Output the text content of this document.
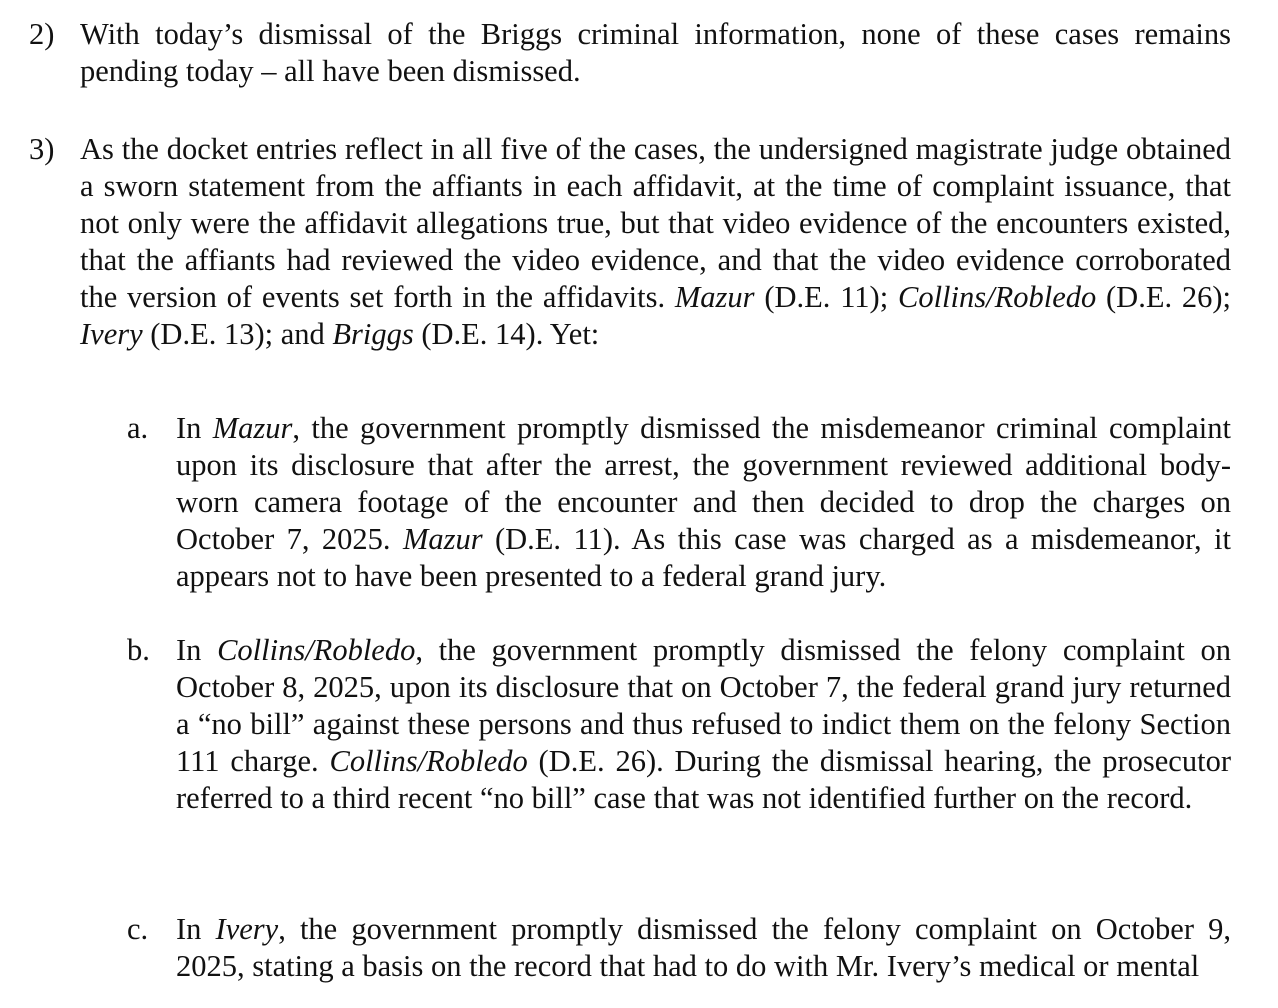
2) With today’s dismissal of the Briggs criminal information, none of these cases remains pending today – all have been dismissed.
3) As the docket entries reflect in all five of the cases, the undersigned magistrate judge obtained a sworn statement from the affiants in each affidavit, at the time of complaint issuance, that not only were the affidavit allegations true, but that video evidence of the encounters existed, that the affiants had reviewed the video evidence, and that the video evidence corroborated the version of events set forth in the affidavits. Mazur (D.E. 11); Collins/Robledo (D.E. 26); Ivery (D.E. 13); and Briggs (D.E. 14). Yet:
a. In Mazur, the government promptly dismissed the misdemeanor criminal complaint upon its disclosure that after the arrest, the government reviewed additional body-worn camera footage of the encounter and then decided to drop the charges on October 7, 2025. Mazur (D.E. 11). As this case was charged as a misdemeanor, it appears not to have been presented to a federal grand jury.
b. In Collins/Robledo, the government promptly dismissed the felony complaint on October 8, 2025, upon its disclosure that on October 7, the federal grand jury returned a “no bill” against these persons and thus refused to indict them on the felony Section 111 charge. Collins/Robledo (D.E. 26). During the dismissal hearing, the prosecutor referred to a third recent “no bill” case that was not identified further on the record.
c. In Ivery, the government promptly dismissed the felony complaint on October 9, 2025, stating a basis on the record that had to do with Mr. Ivery’s medical or mental
